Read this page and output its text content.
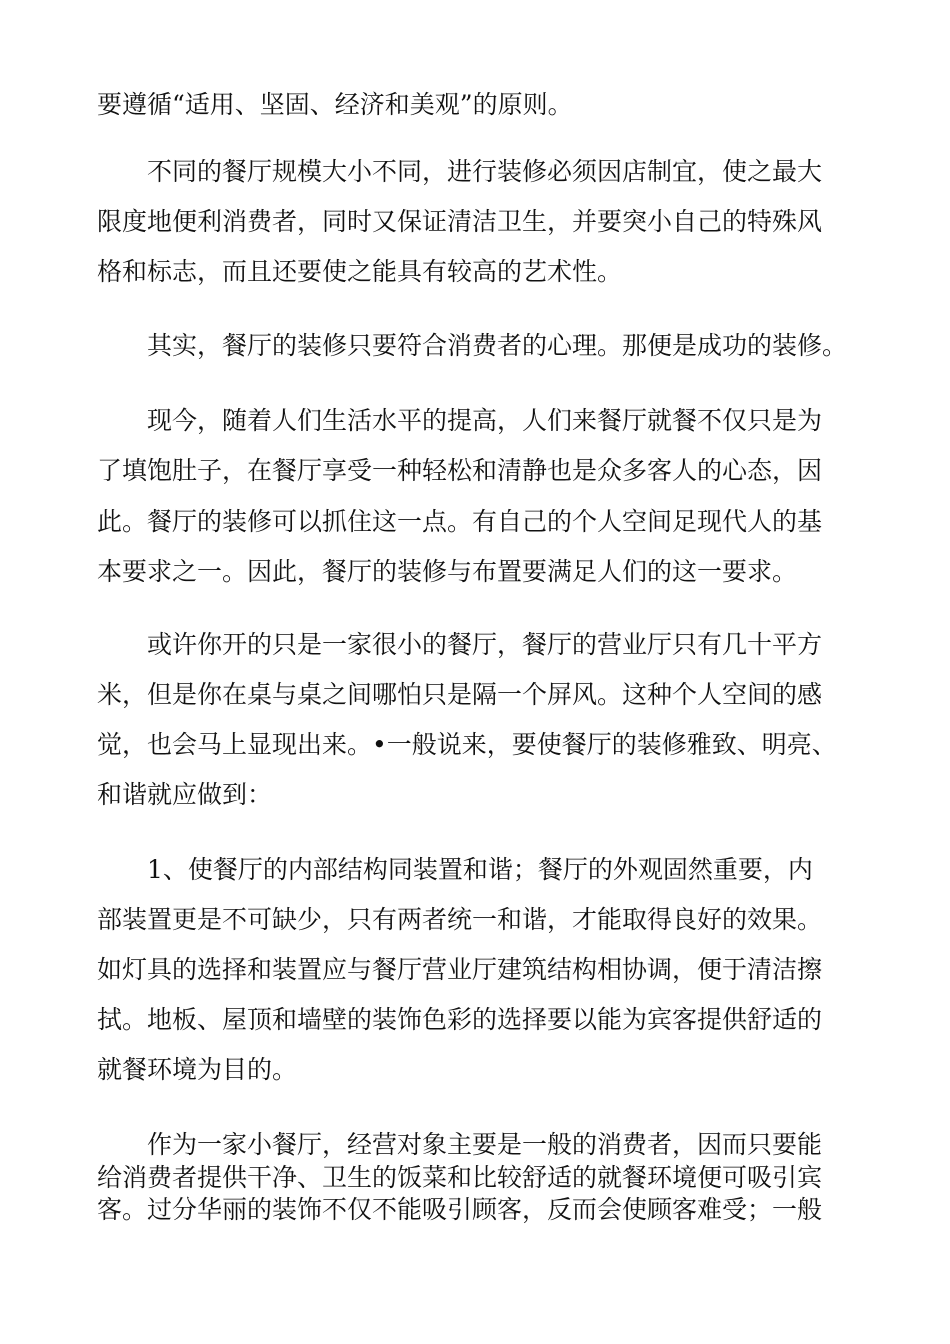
要遵循“适用、坚固、经济和美观”的原则。
不同的餐厅规模大小不同，进行装修必须因店制宜，使之最大
限度地便利消费者，同时又保证清洁卫生，并要突小自己的特殊风
格和标志，而且还要使之能具有较高的艺术性。
其实，餐厅的装修只要符合消费者的心理。那便是成功的装修。
现今，随着人们生活水平的提高，人们来餐厅就餐不仅只是为
了填饱肚子，在餐厅享受一种轻松和清静也是众多客人的心态，因
此。餐厅的装修可以抓住这一点。有自己的个人空间足现代人的基
本要求之一。因此，餐厅的装修与布置要满足人们的这一要求。
或许你开的只是一家很小的餐厅，餐厅的营业厅只有几十平方
米，但是你在桌与桌之间哪怕只是隔一个屏风。这种个人空间的感
觉，也会马上显现出来。•一般说来，要使餐厅的装修雅致、明亮、
和谐就应做到：
1、使餐厅的内部结构同装置和谐；餐厅的外观固然重要，内
部装置更是不可缺少，只有两者统一和谐，才能取得良好的效果。
如灯具的选择和装置应与餐厅营业厅建筑结构相协调，便于清洁擦
拭。地板、屋顶和墙壁的装饰色彩的选择要以能为宾客提供舒适的
就餐环境为目的。
作为一家小餐厅，经营对象主要是一般的消费者，因而只要能
给消费者提供干净、卫生的饭菜和比较舒适的就餐环境便可吸引宾
客。过分华丽的装饰不仅不能吸引顾客，反而会使顾客难受；一般
